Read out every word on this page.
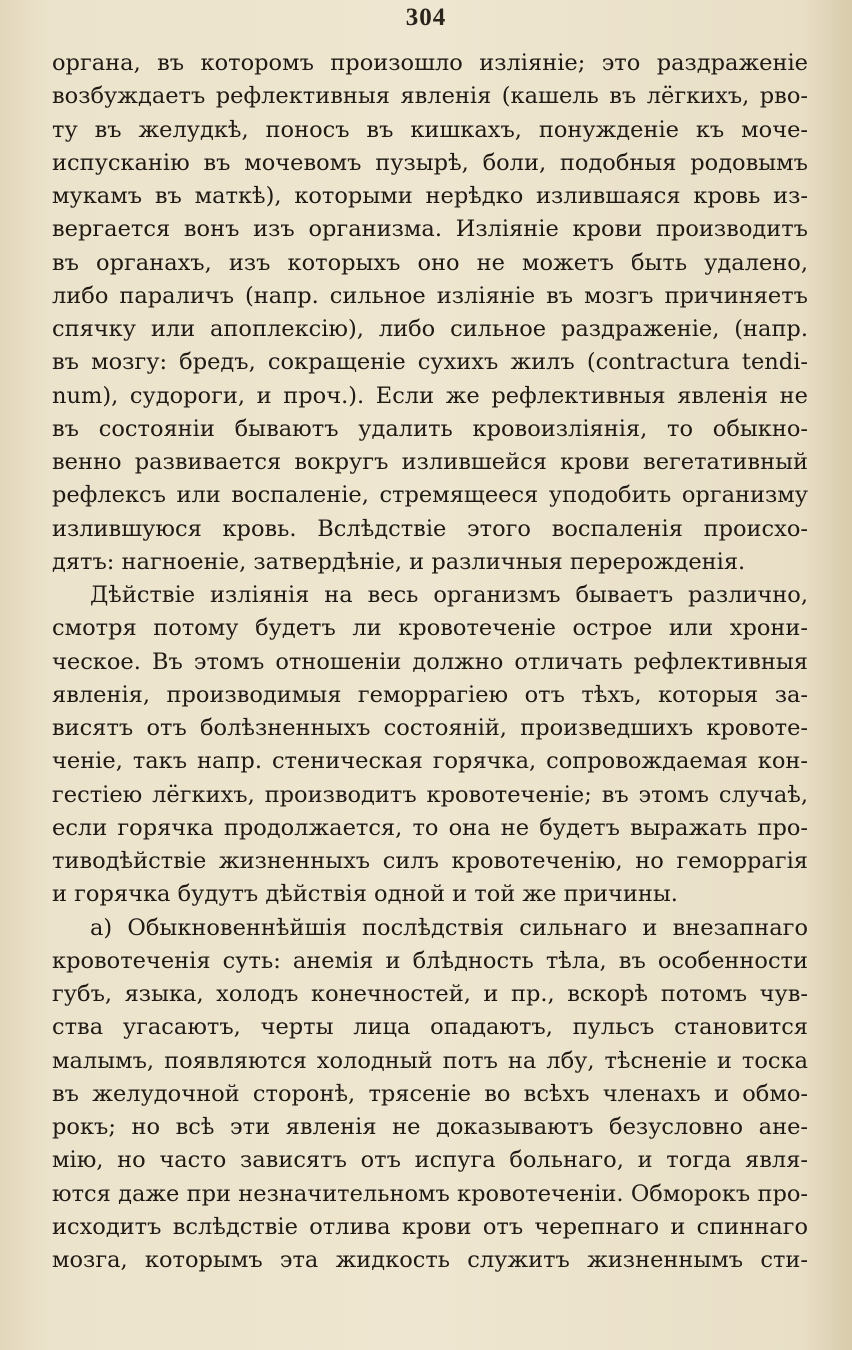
304
органа, въ которомъ произошло изліяніе; это раздраженіе
возбуждаетъ рефлективныя явленія (кашель въ лёгкихъ, рво-
ту въ желудкѣ, поносъ въ кишкахъ, понужденіе къ моче-
испусканію въ мочевомъ пузырѣ, боли, подобныя родовымъ
мукамъ въ маткѣ), которыми нерѣдко излившаяся кровь из-
вергается вонъ изъ организма. Изліяніе крови производитъ
въ органахъ, изъ которыхъ оно не можетъ быть удалено,
либо параличъ (напр. сильное изліяніе въ мозгъ причиняетъ
спячку или апоплексію), либо сильное раздраженіе, (напр.
въ мозгу: бредъ, сокращеніе сухихъ жилъ (contractura tendi-
num), судороги, и проч.). Если же рефлективныя явленія не
въ состояніи бываютъ удалить кровоизліянія, то обыкно-
венно развивается вокругъ излившейся крови вегетативный
рефлексъ или воспаленіе, стремящееся уподобить организму
излившуюся кровь. Вслѣдствіе этого воспаленія происхо-
дятъ: нагноеніе, затвердѣніе, и различныя перерожденія.
Дѣйствіе изліянія на весь организмъ бываетъ различно,
смотря потому будетъ ли кровотеченіе острое или хрони-
ческое. Въ этомъ отношеніи должно отличать рефлективныя
явленія, производимыя геморрагіею отъ тѣхъ, которыя за-
висятъ отъ болѣзненныхъ состояній, произведшихъ кровоте-
ченіе, такъ напр. стеническая горячка, сопровождаемая кон-
гестіею лёгкихъ, производитъ кровотеченіе; въ этомъ случаѣ,
если горячка продолжается, то она не будетъ выражать про-
тиводѣйствіе жизненныхъ силъ кровотеченію, но геморрагія
и горячка будутъ дѣйствія одной и той же причины.
а) Обыкновеннѣйшія послѣдствія сильнаго и внезапнаго
кровотеченія суть: анемія и блѣдность тѣла, въ особенности
губъ, языка, холодъ конечностей, и пр., вскорѣ потомъ чув-
ства угасаютъ, черты лица опадаютъ, пульсъ становится
малымъ, появляются холодный потъ на лбу, тѣсненіе и тоска
въ желудочной сторонѣ, трясеніе во всѣхъ членахъ и обмо-
рокъ; но всѣ эти явленія не доказываютъ безусловно ане-
мію, но часто зависятъ отъ испуга больнаго, и тогда явля-
ются даже при незначительномъ кровотеченіи. Обморокъ про-
исходитъ вслѣдствіе отлива крови отъ черепнаго и спиннаго
мозга, которымъ эта жидкость служитъ жизненнымъ сти-
